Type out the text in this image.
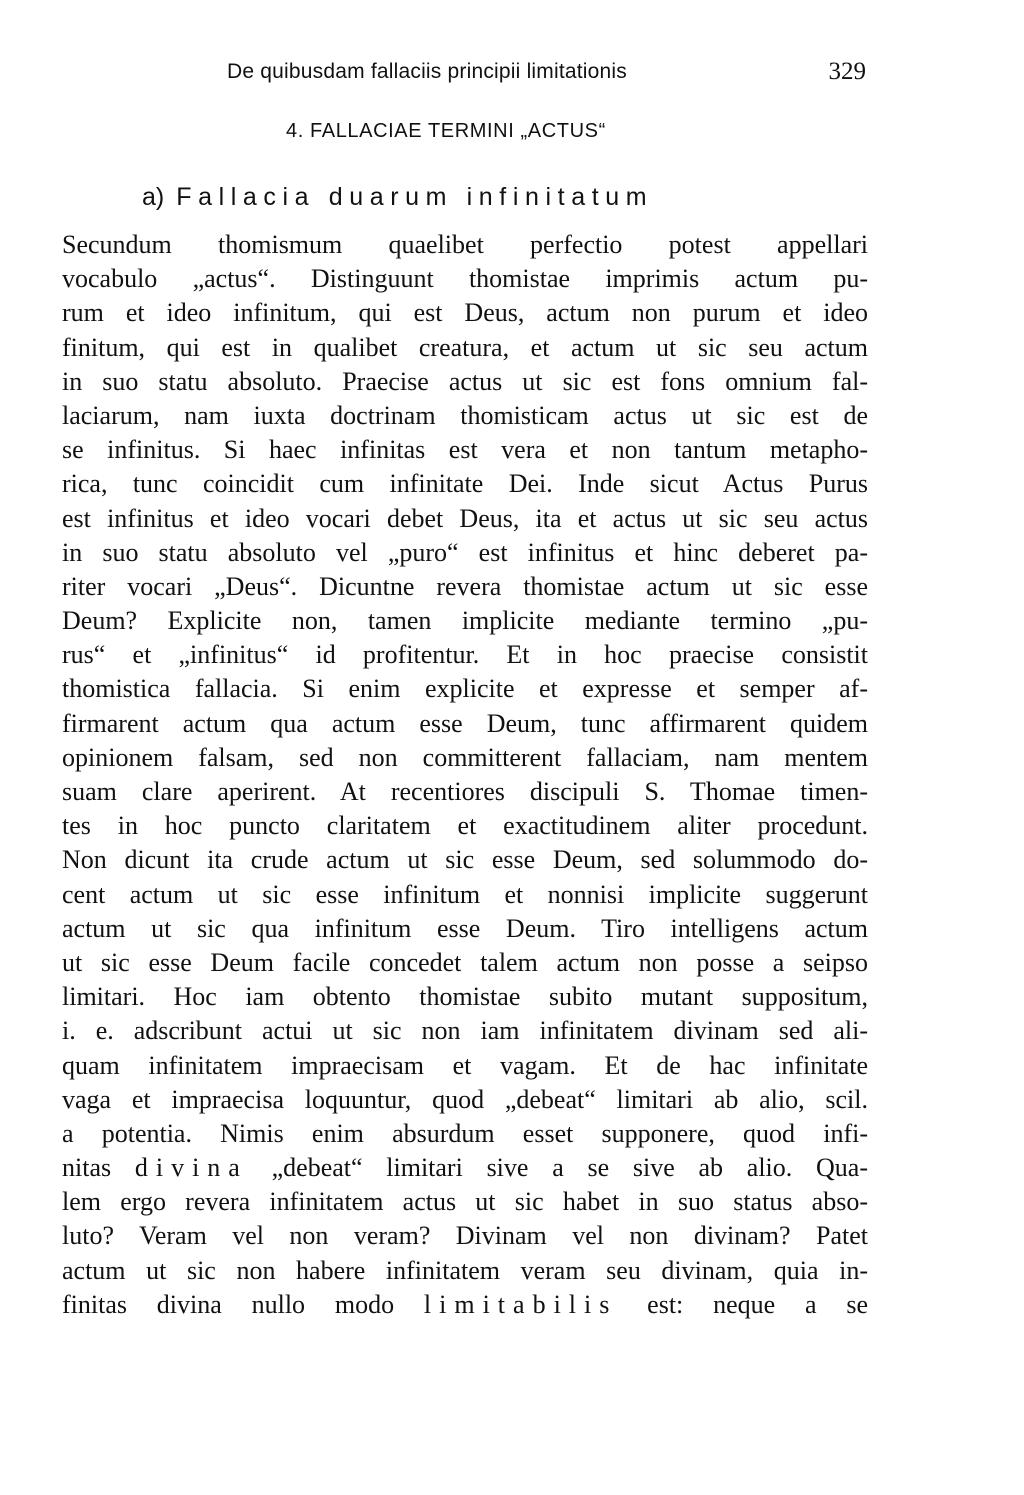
De quibusdam fallaciis principii limitationis	329
4. FALLACIAE TERMINI „ACTUS“
a) Fallacia duarum infinitatum
Secundum thomismum quaelibet perfectio potest appellari
vocabulo „actus“. Distinguunt thomistae imprimis actum pu-
rum et ideo infinitum, qui est Deus, actum non purum et ideo
finitum, qui est in qualibet creatura, et actum ut sic seu actum
in suo statu absoluto. Praecise actus ut sic est fons omnium fal-
laciarum, nam iuxta doctrinam thomisticam actus ut sic est de
se infinitus. Si haec infinitas est vera et non tantum metapho-
rica, tunc coincidit cum infinitate Dei. Inde sicut Actus Purus
est infinitus et ideo vocari debet Deus, ita et actus ut sic seu actus
in suo statu absoluto vel „puro“ est infinitus et hinc deberet pa-
riter vocari „Deus“. Dicuntne revera thomistae actum ut sic esse
Deum? Explicite non, tamen implicite mediante termino „pu-
rus“ et „infinitus“ id profitentur. Et in hoc praecise consistit
thomistica fallacia. Si enim explicite et expresse et semper af-
firmarent actum qua actum esse Deum, tunc affirmarent quidem
opinionem falsam, sed non committerent fallaciam, nam mentem
suam clare aperirent. At recentiores discipuli S. Thomae timen-
tes in hoc puncto claritatem et exactitudinem aliter procedunt.
Non dicunt ita crude actum ut sic esse Deum, sed solummodo do-
cent actum ut sic esse infinitum et nonnisi implicite suggerunt
actum ut sic qua infinitum esse Deum. Tiro intelligens actum
ut sic esse Deum facile concedet talem actum non posse a seipso
limitari. Hoc iam obtento thomistae subito mutant suppositum,
i. e. adscribunt actui ut sic non iam infinitatem divinam sed ali-
quam infinitatem impraecisam et vagam. Et de hac infinitate
vaga et impraecisa loquuntur, quod „debeat“ limitari ab alio, scil.
a potentia. Nimis enim absurdum esset supponere, quod infi-
nitas divina „debeat“ limitari sive a se sive ab alio. Qua-
lem ergo revera infinitatem actus ut sic habet in suo status abso-
luto? Veram vel non veram? Divinam vel non divinam? Patet
actum ut sic non habere infinitatem veram seu divinam, quia in-
finitas divina nullo modo limitabilis est: neque a se
